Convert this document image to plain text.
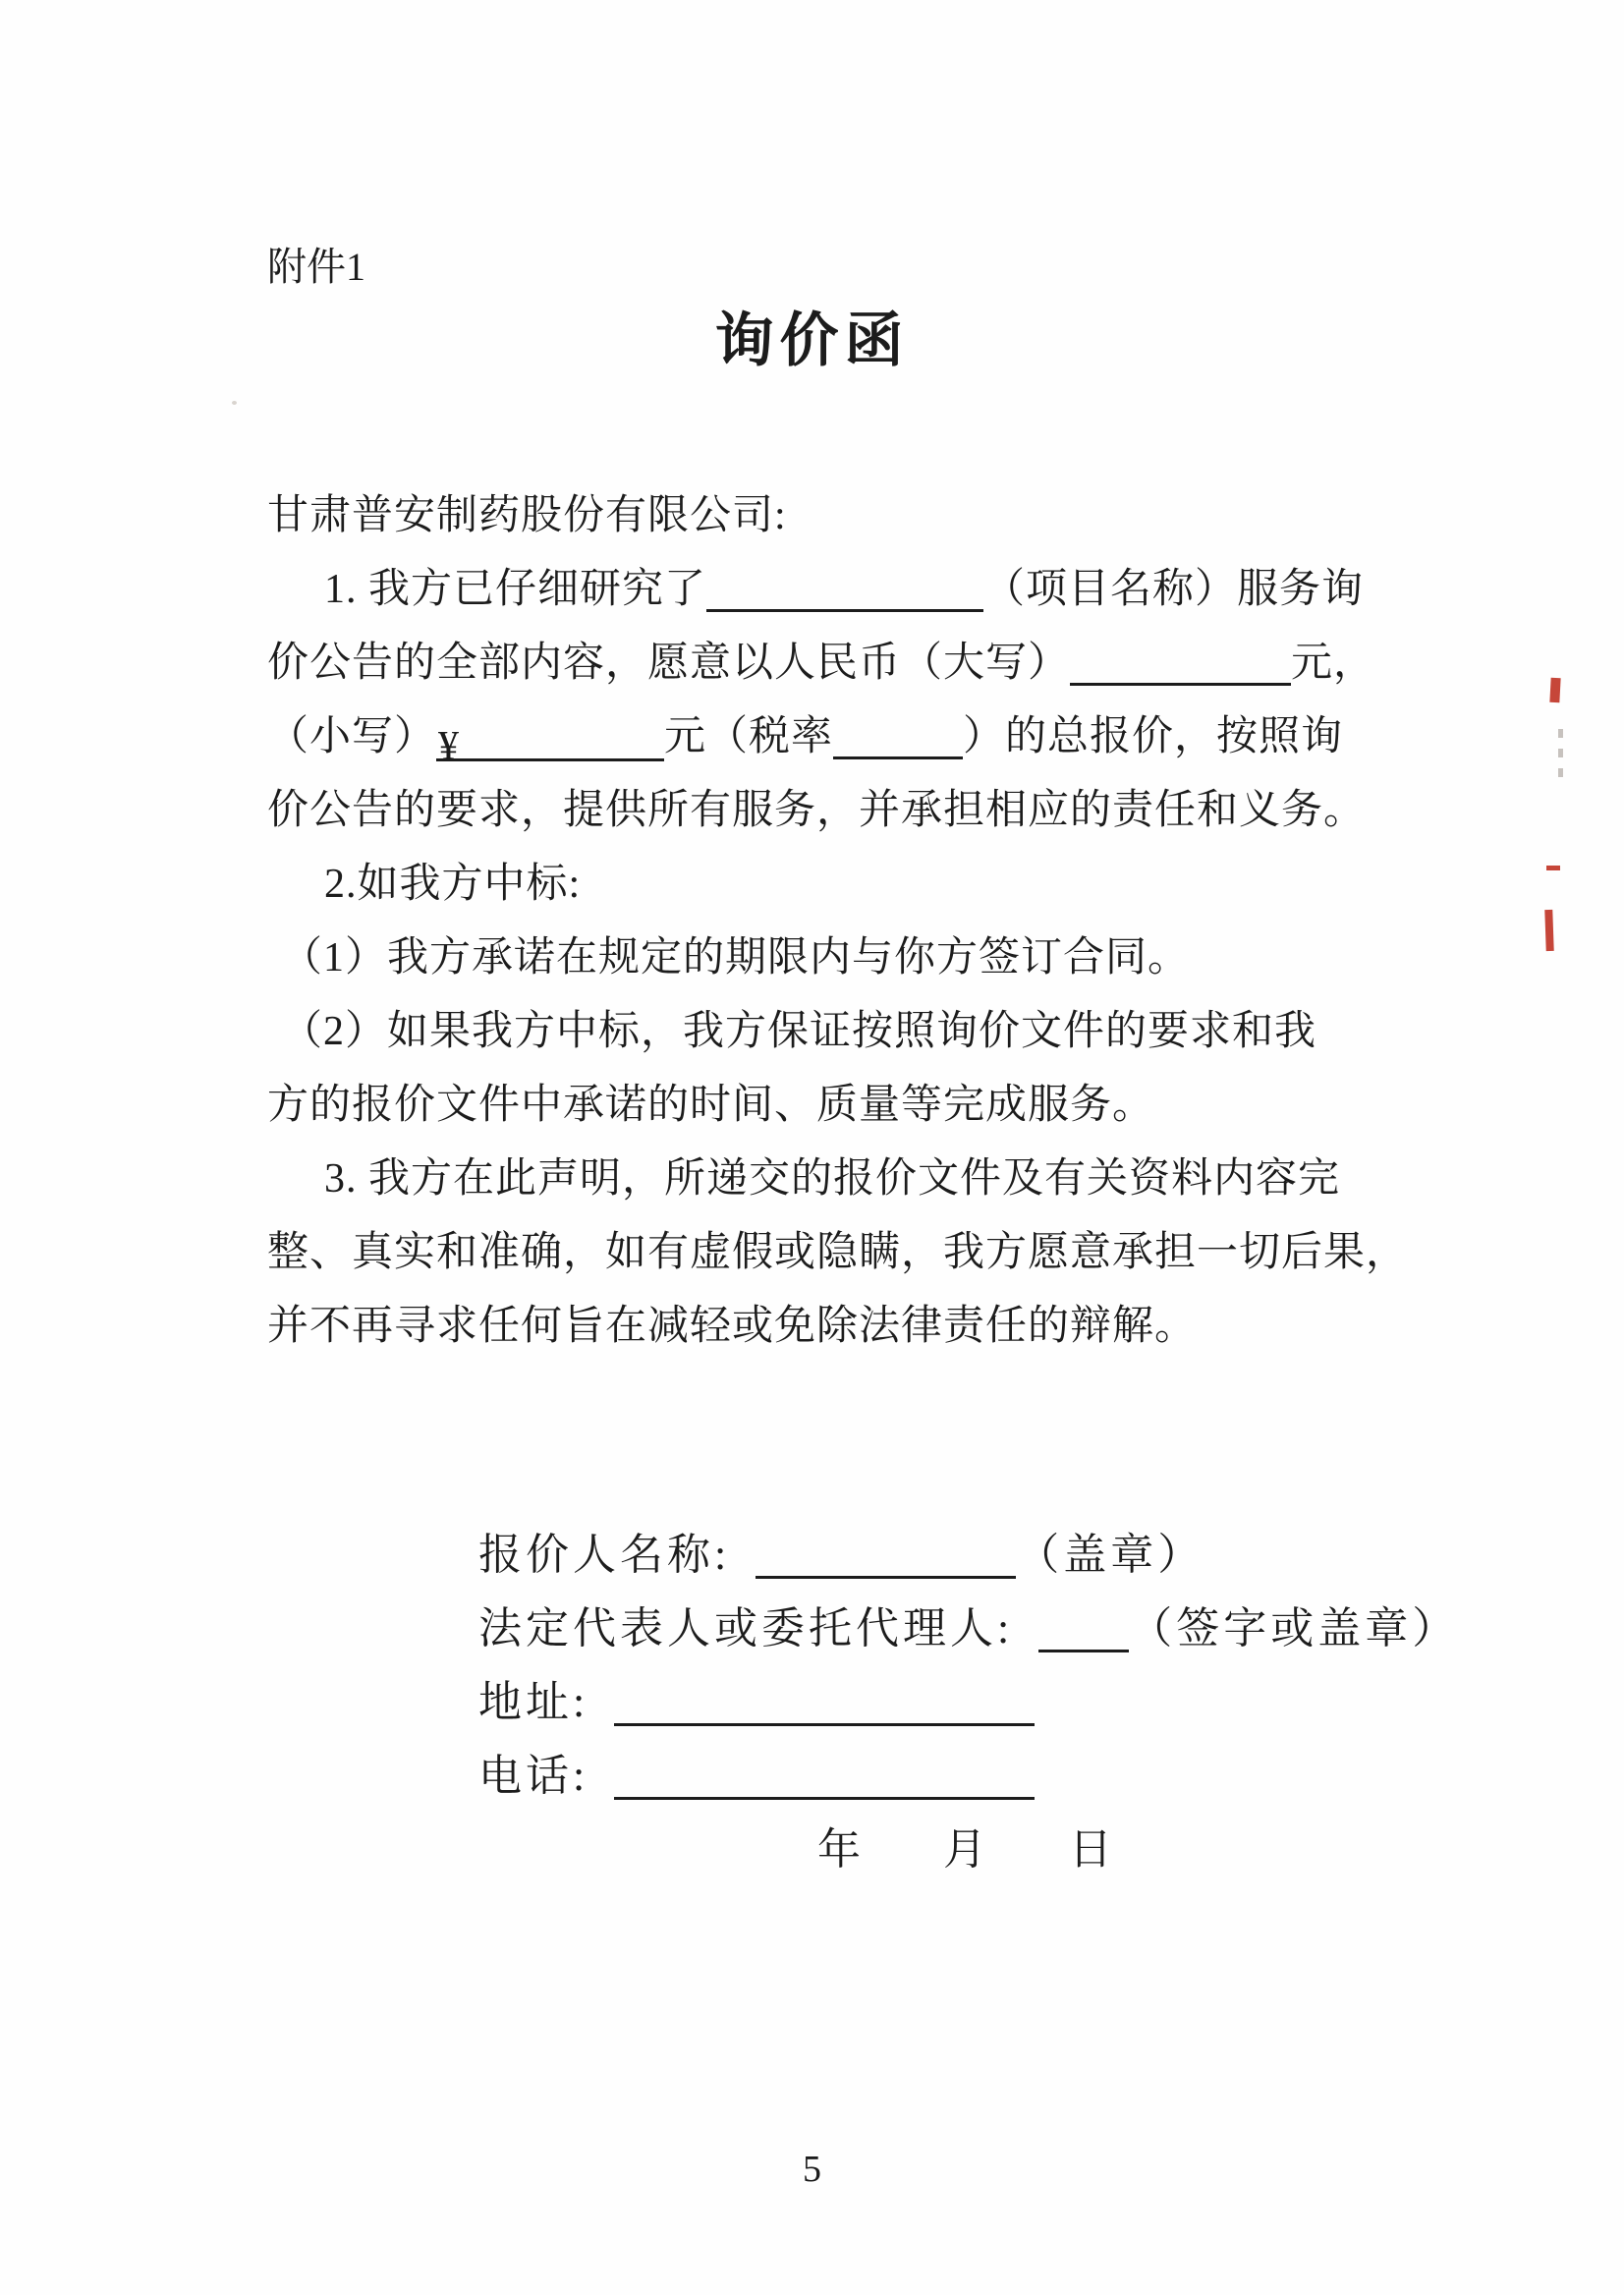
附件1
询价函
甘肃普安制药股份有限公司:
1. 我方已仔细研究了	（项目名称）服务询
价公告的全部内容，愿意以人民币（大写）	元，
（小写）¥	元（税率	）的总报价，按照询
价公告的要求，提供所有服务，并承担相应的责任和义务。
2.如我方中标:
（1）我方承诺在规定的期限内与你方签订合同。
（2）如果我方中标，我方保证按照询价文件的要求和我
方的报价文件中承诺的时间、质量等完成服务。
3. 我方在此声明，所递交的报价文件及有关资料内容完
整、真实和准确，如有虚假或隐瞒，我方愿意承担一切后果，
并不再寻求任何旨在减轻或免除法律责任的辩解。
报价人名称:	（盖章）
法定代表人或委托代理人:	（签字或盖章）
地址:
电话:
年 月 日
5
